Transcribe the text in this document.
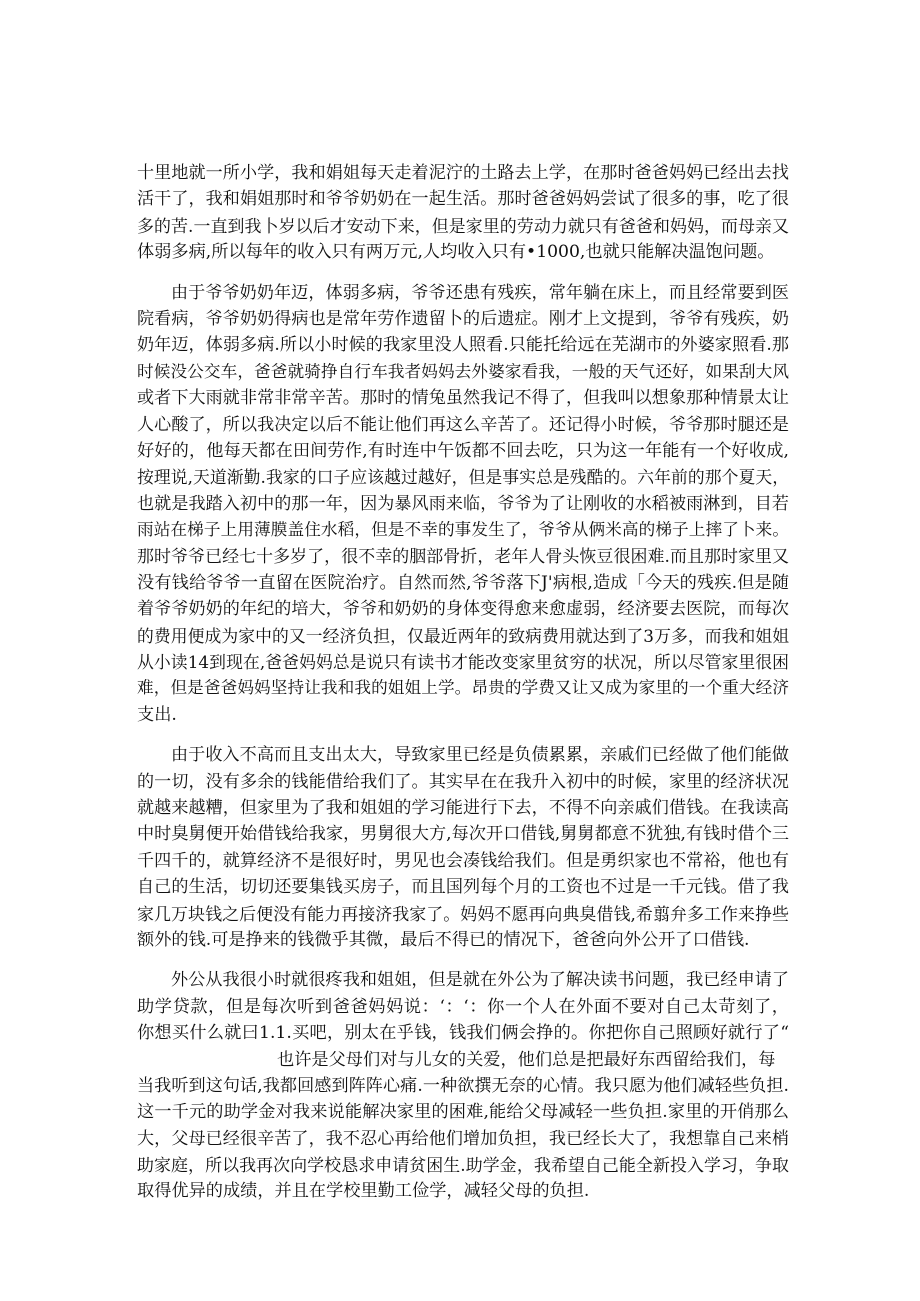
十里地就一所小学，我和娟姐每天走着泥泞的土路去上学，在那时爸爸妈妈已经出去找
活干了，我和娟姐那时和爷爷奶奶在一起生活。那时爸爸妈妈尝试了很多的事，吃了很
多的苦.一直到我卜岁以后才安动下来，但是家里的劳动力就只有爸爸和妈妈，而母亲又
体弱多病,所以每年的收入只有两万元,人均收入只有•1000,也就只能解决温饱问题。
由于爷爷奶奶年迈，体弱多病，爷爷还患有残疾，常年躺在床上，而且经常要到医
院看病，爷爷奶奶得病也是常年劳作遗留卜的后遗症。刚才上文提到，爷爷有残疾，奶
奶年迈，体弱多病.所以小时候的我家里没人照看.只能托给远在芜湖市的外婆家照看.那
时候没公交车，爸爸就骑挣自行车我者妈妈去外婆家看我，一般的天气还好，如果刮大风
或者下大雨就非常非常辛苦。那时的情兔虽然我记不得了，但我叫以想象那种情景太让
人心酸了，所以我决定以后不能让他们再这么辛苦了。还记得小时候，爷爷那时腿还是
好好的，他每天都在田间劳作,有时连中午饭都不回去吃，只为这一年能有一个好收成,
按理说,天道渐勤.我家的口子应该越过越好，但是事实总是残酷的。六年前的那个夏天，
也就是我踏入初中的那一年，因为暴风雨来临，爷爷为了让刚收的水稻被雨淋到，目若
雨站在梯子上用薄膜盖住水稻，但是不幸的事发生了，爷爷从俩米高的梯子上摔了卜来。
那时爷爷已经七十多岁了，很不幸的胭部骨折，老年人骨头恢豆很困难.而且那时家里又
没有钱给爷爷一直留在医院治疗。自然而然,爷爷落下J'病根,造成「今天的残疾.但是随
着爷爷奶奶的年纪的培大，爷爷和奶奶的身体变得愈来愈虚弱，经济要去医院，而每次
的费用便成为家中的又一经济负担，仅最近两年的致病费用就达到了3万多，而我和姐姐
从小读14到现在,爸爸妈妈总是说只有读书才能改变家里贫穷的状况，所以尽管家里很困
难，但是爸爸妈妈坚持让我和我的姐姐上学。昂贵的学费又让又成为家里的一个重大经济
支出.
由于收入不高而且支出太大，导致家里已经是负债累累，亲戚们已经做了他们能做
的一切，没有多余的钱能借给我们了。其实早在在我升入初中的时候，家里的经济状况
就越来越糟，但家里为了我和姐姐的学习能进行下去，不得不向亲戚们借钱。在我读高
中时臭舅便开始借钱给我家，男舅很大方,每次开口借钱,舅舅都意不犹独,有钱时借个三
千四千的，就算经济不是很好时，男见也会凑钱给我们。但是勇织家也不常裕，他也有
自己的生活，切切还要集钱买房子，而且国列每个月的工资也不过是一千元钱。借了我
家几万块钱之后便没有能力再接济我家了。妈妈不愿再向典臭借钱,希翦弁多工作来挣些
额外的钱.可是挣来的钱微乎其微，最后不得已的情况下，爸爸向外公开了口借钱.
外公从我很小时就很疼我和姐姐，但是就在外公为了解决读书问题，我已经申请了
助学贷款，但是每次听到爸爸妈妈说：‘：‘：你一个人在外面不要对自己太苛刻了，
你想买什么就曰1.1.买吧，别太在乎钱，钱我们俩会挣的。你把你自己照顾好就行了“
也许是父母们对与儿女的关爱，他们总是把最好东西留给我们，每
当我听到这句话,我都回感到阵阵心痛.一种欲撰无奈的心情。我只愿为他们减轻些负担.
这一千元的助学金对我来说能解决家里的困难,能给父母减轻一些负担.家里的开俏那么
大，父母已经很辛苦了，我不忍心再给他们增加负担，我已经长大了，我想靠自己来梢
助家庭，所以我再次向学校恳求申请贫困生.助学金，我希望自己能全新投入学习，争取
取得优异的成绩，并且在学校里勤工俭学，减轻父母的负担.
